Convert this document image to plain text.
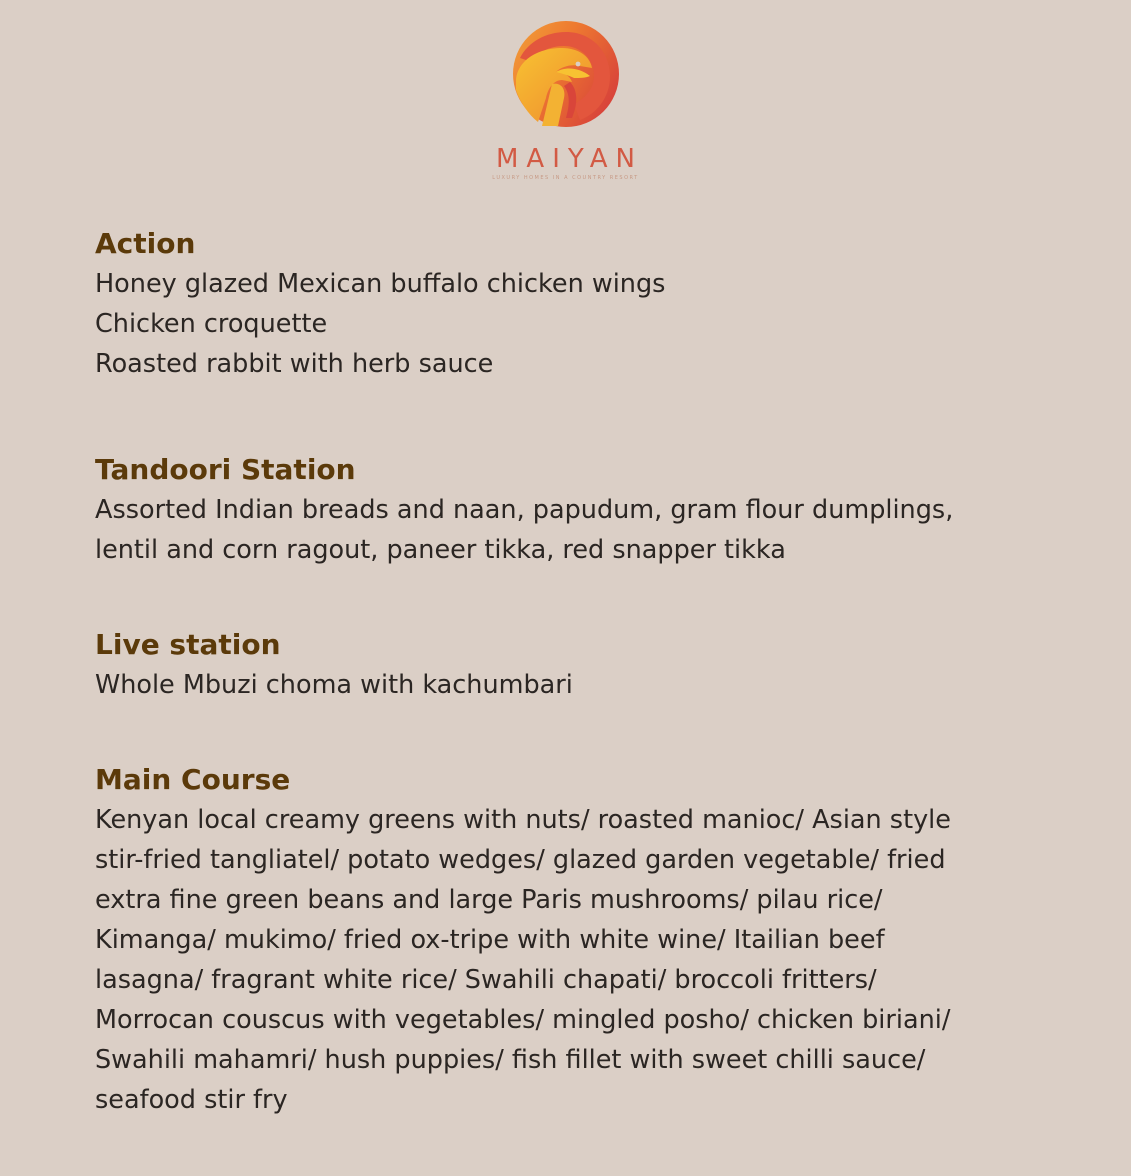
MAIYAN
LUXURY HOMES IN A COUNTRY RESORT
Action
Honey glazed Mexican buffalo chicken wings
Chicken croquette
Roasted rabbit with herb sauce
Tandoori Station
Assorted Indian breads and naan, papudum, gram flour dumplings,
lentil and corn ragout, paneer tikka, red snapper tikka
Live station
Whole Mbuzi choma with kachumbari
Main Course
Kenyan local creamy greens with nuts/ roasted manioc/ Asian style
stir-fried tangliatel/ potato wedges/ glazed garden vegetable/ fried
extra fine green beans and large Paris mushrooms/ pilau rice/
Kimanga/ mukimo/ fried ox-tripe with white wine/ Itailian beef
lasagna/ fragrant white rice/ Swahili chapati/ broccoli fritters/
Morrocan couscus with vegetables/ mingled posho/ chicken biriani/
Swahili mahamri/ hush puppies/ fish fillet with sweet chilli sauce/
seafood stir fry
